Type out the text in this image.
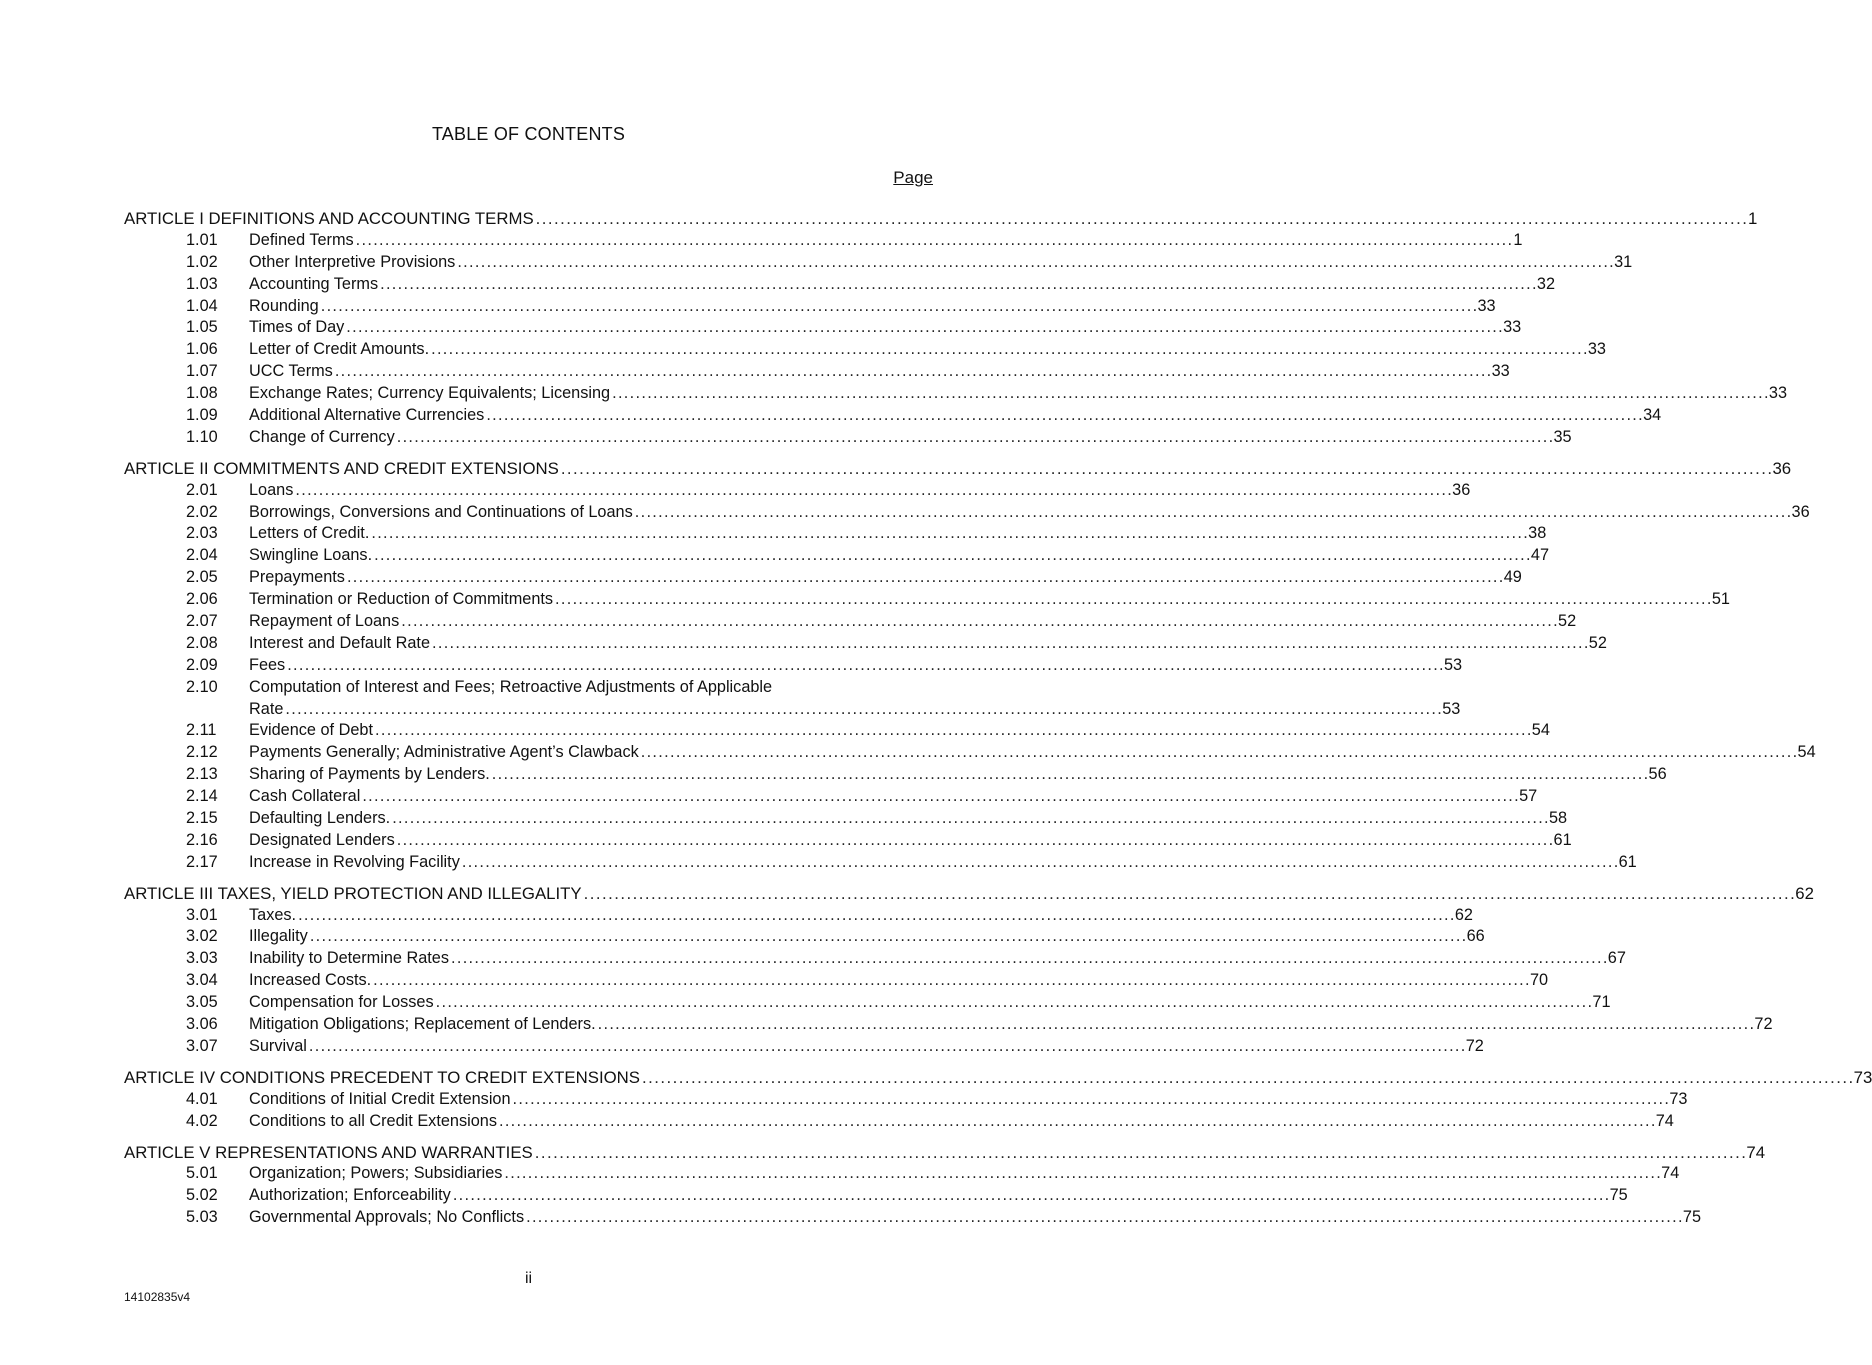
TABLE OF CONTENTS
Page
ARTICLE I DEFINITIONS AND ACCOUNTING TERMS . . .	1
1.01	Defined Terms . . .	1
1.02	Other Interpretive Provisions . . .	31
1.03	Accounting Terms . . .	32
1.04	Rounding . . .	33
1.05	Times of Day . . .	33
1.06	Letter of Credit Amounts. . . .	33
1.07	UCC Terms . . .	33
1.08	Exchange Rates; Currency Equivalents; Licensing . . .	33
1.09	Additional Alternative Currencies . . .	34
1.10	Change of Currency . . .	35
ARTICLE II COMMITMENTS AND CREDIT EXTENSIONS . . .	36
2.01	Loans . . .	36
2.02	Borrowings, Conversions and Continuations of Loans . . .	36
2.03	Letters of Credit. . . .	38
2.04	Swingline Loans. . . .	47
2.05	Prepayments . . .	49
2.06	Termination or Reduction of Commitments . . .	51
2.07	Repayment of Loans . . .	52
2.08	Interest and Default Rate . . .	52
2.09	Fees . . .	53
2.10	Computation of Interest and Fees; Retroactive Adjustments of Applicable
Rate . . .	53
2.11	Evidence of Debt . . .	54
2.12	Payments Generally; Administrative Agent’s Clawback . . .	54
2.13	Sharing of Payments by Lenders. . . .	56
2.14	Cash Collateral . . .	57
2.15	Defaulting Lenders. . . .	58
2.16	Designated Lenders . . .	61
2.17	Increase in Revolving Facility . . .	61
ARTICLE III TAXES, YIELD PROTECTION AND ILLEGALITY . . .	62
3.01	Taxes. . . .	62
3.02	Illegality . . .	66
3.03	Inability to Determine Rates . . .	67
3.04	Increased Costs. . . .	70
3.05	Compensation for Losses . . .	71
3.06	Mitigation Obligations; Replacement of Lenders. . . .	72
3.07	Survival . . .	72
ARTICLE IV CONDITIONS PRECEDENT TO CREDIT EXTENSIONS . . .	73
4.01	Conditions of Initial Credit Extension . . .	73
4.02	Conditions to all Credit Extensions . . .	74
ARTICLE V REPRESENTATIONS AND WARRANTIES . . .	74
5.01	Organization; Powers; Subsidiaries . . .	74
5.02	Authorization; Enforceability . . .	75
5.03	Governmental Approvals; No Conflicts . . .	75
ii
14102835v4
